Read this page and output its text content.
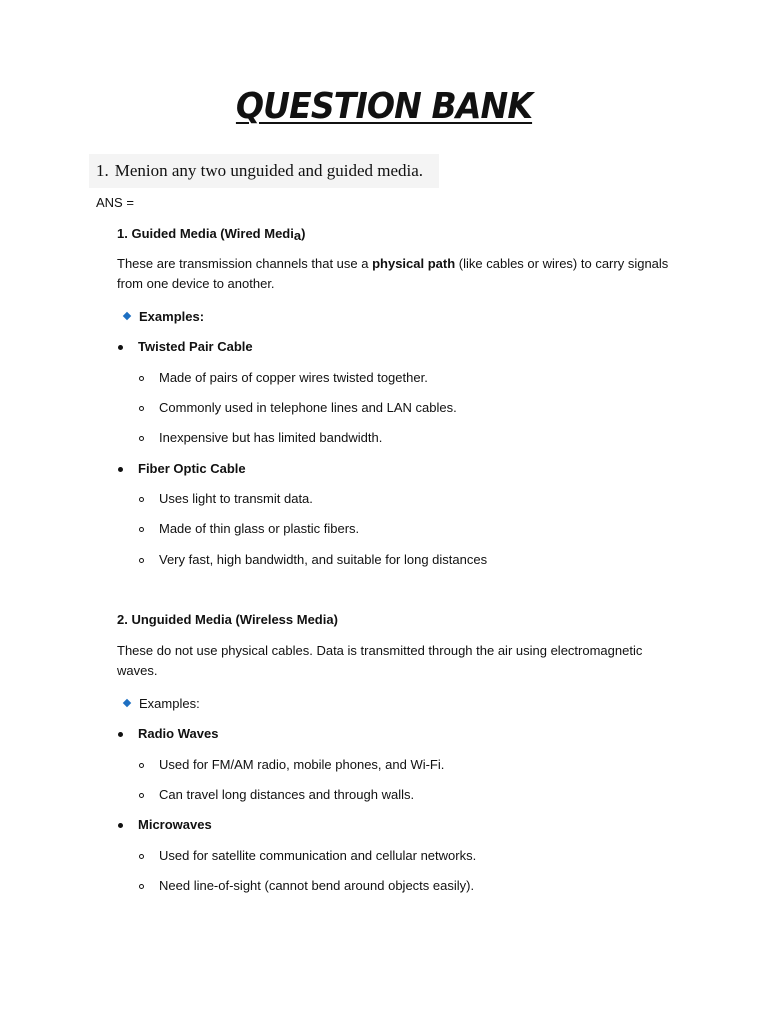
QUESTION BANK
1. Menion any two unguided and guided media.
ANS =
1. Guided Media (Wired Media)
These are transmission channels that use a physical path (like cables or wires) to carry signals from one device to another.
Examples:
Twisted Pair Cable
Made of pairs of copper wires twisted together.
Commonly used in telephone lines and LAN cables.
Inexpensive but has limited bandwidth.
Fiber Optic Cable
Uses light to transmit data.
Made of thin glass or plastic fibers.
Very fast, high bandwidth, and suitable for long distances
2. Unguided Media (Wireless Media)
These do not use physical cables. Data is transmitted through the air using electromagnetic waves.
Examples:
Radio Waves
Used for FM/AM radio, mobile phones, and Wi-Fi.
Can travel long distances and through walls.
Microwaves
Used for satellite communication and cellular networks.
Need line-of-sight (cannot bend around objects easily).
